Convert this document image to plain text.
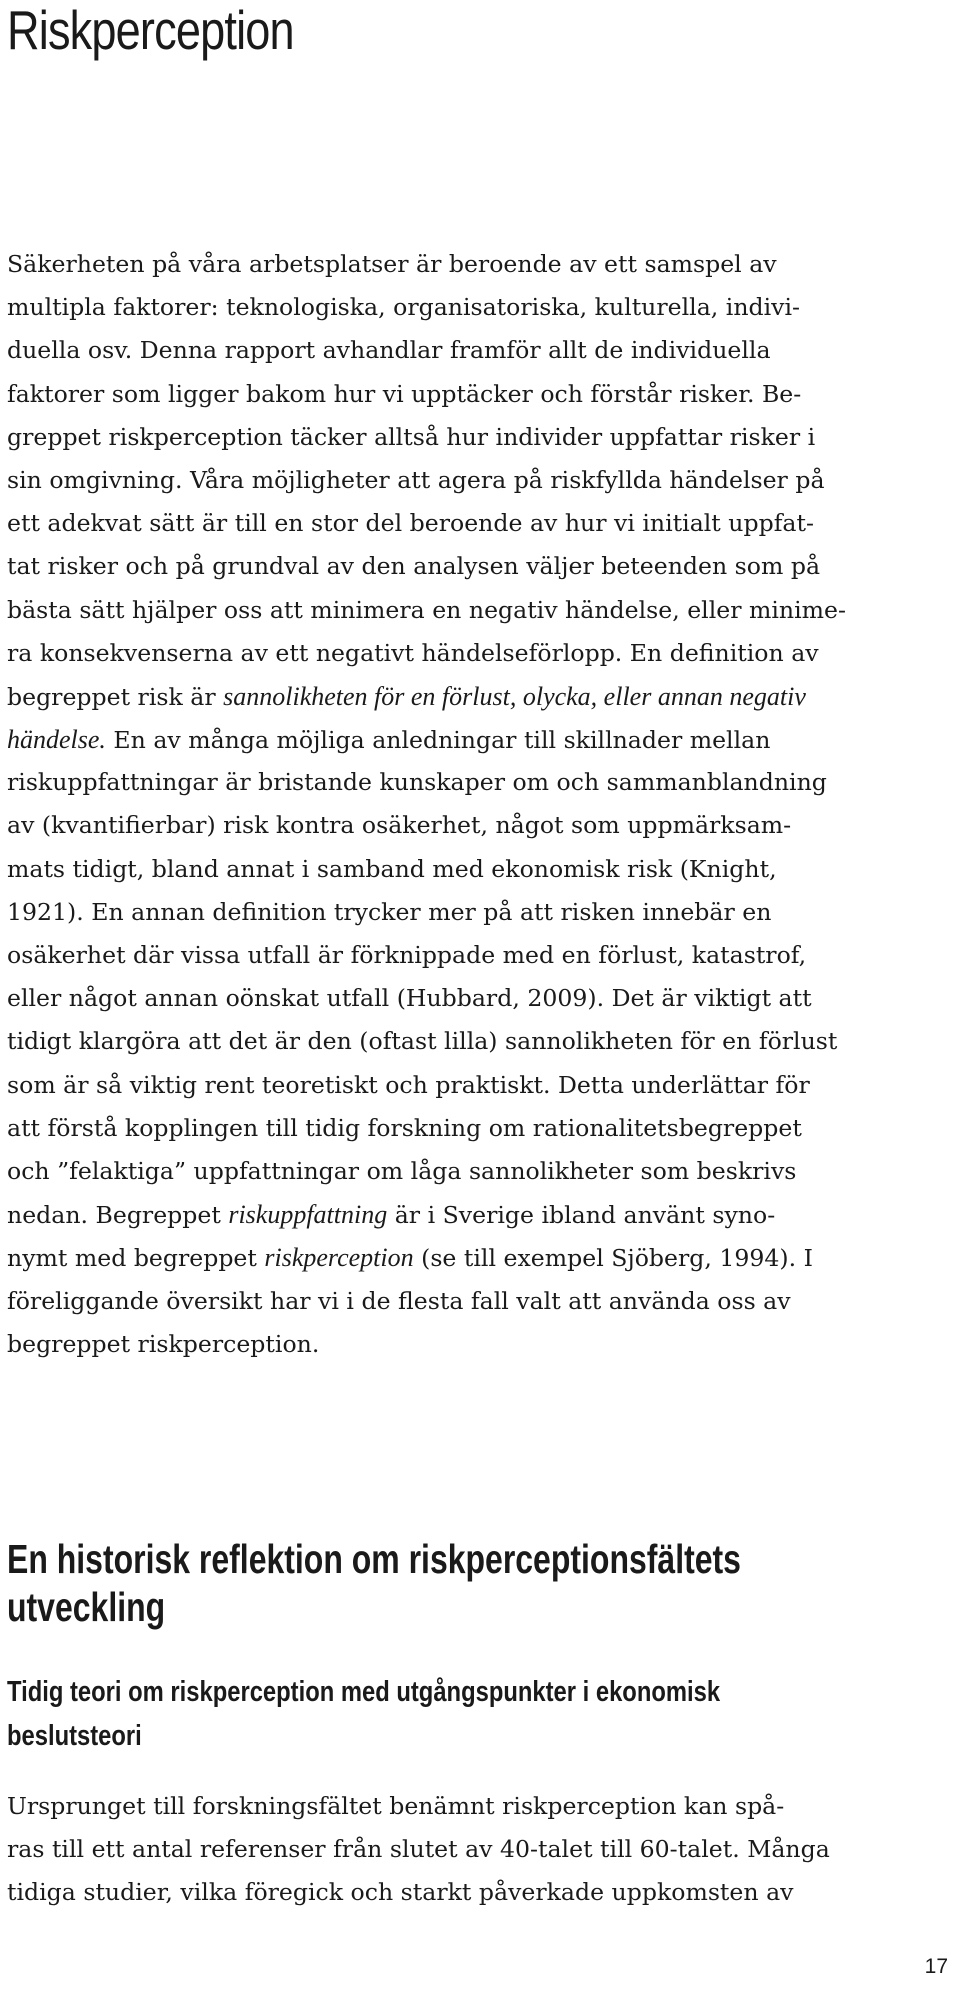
Riskperception
Säkerheten på våra arbetsplatser är beroende av ett samspel av
multipla faktorer: teknologiska, organisatoriska, kulturella, indivi-
duella osv. Denna rapport avhandlar framför allt de individuella
faktorer som ligger bakom hur vi upptäcker och förstår risker. Be-
greppet riskperception täcker alltså hur individer uppfattar risker i
sin omgivning. Våra möjligheter att agera på riskfyllda händelser på
ett adekvat sätt är till en stor del beroende av hur vi initialt uppfat-
tat risker och på grundval av den analysen väljer beteenden som på
bästa sätt hjälper oss att minimera en negativ händelse, eller minime-
ra konsekvenserna av ett negativt händelseförlopp. En definition av
begreppet risk är sannolikheten för en förlust, olycka, eller annan negativ
händelse. En av många möjliga anledningar till skillnader mellan
riskuppfattningar är bristande kunskaper om och sammanblandning
av (kvantifierbar) risk kontra osäkerhet, något som uppmärksam-
mats tidigt, bland annat i samband med ekonomisk risk (Knight,
1921). En annan definition trycker mer på att risken innebär en
osäkerhet där vissa utfall är förknippade med en förlust, katastrof,
eller något annan oönskat utfall (Hubbard, 2009). Det är viktigt att
tidigt klargöra att det är den (oftast lilla) sannolikheten för en förlust
som är så viktig rent teoretiskt och praktiskt. Detta underlättar för
att förstå kopplingen till tidig forskning om rationalitetsbegreppet
och ”felaktiga” uppfattningar om låga sannolikheter som beskrivs
nedan. Begreppet riskuppfattning är i Sverige ibland använt syno-
nymt med begreppet riskperception (se till exempel Sjöberg, 1994). I
föreliggande översikt har vi i de flesta fall valt att använda oss av
begreppet riskperception.
En historisk reflektion om riskperceptionsfältets
utveckling
Tidig teori om riskperception med utgångspunkter i ekonomisk
beslutsteori
Ursprunget till forskningsfältet benämnt riskperception kan spå-
ras till ett antal referenser från slutet av 40-talet till 60-talet. Många
tidiga studier, vilka föregick och starkt påverkade uppkomsten av
17
